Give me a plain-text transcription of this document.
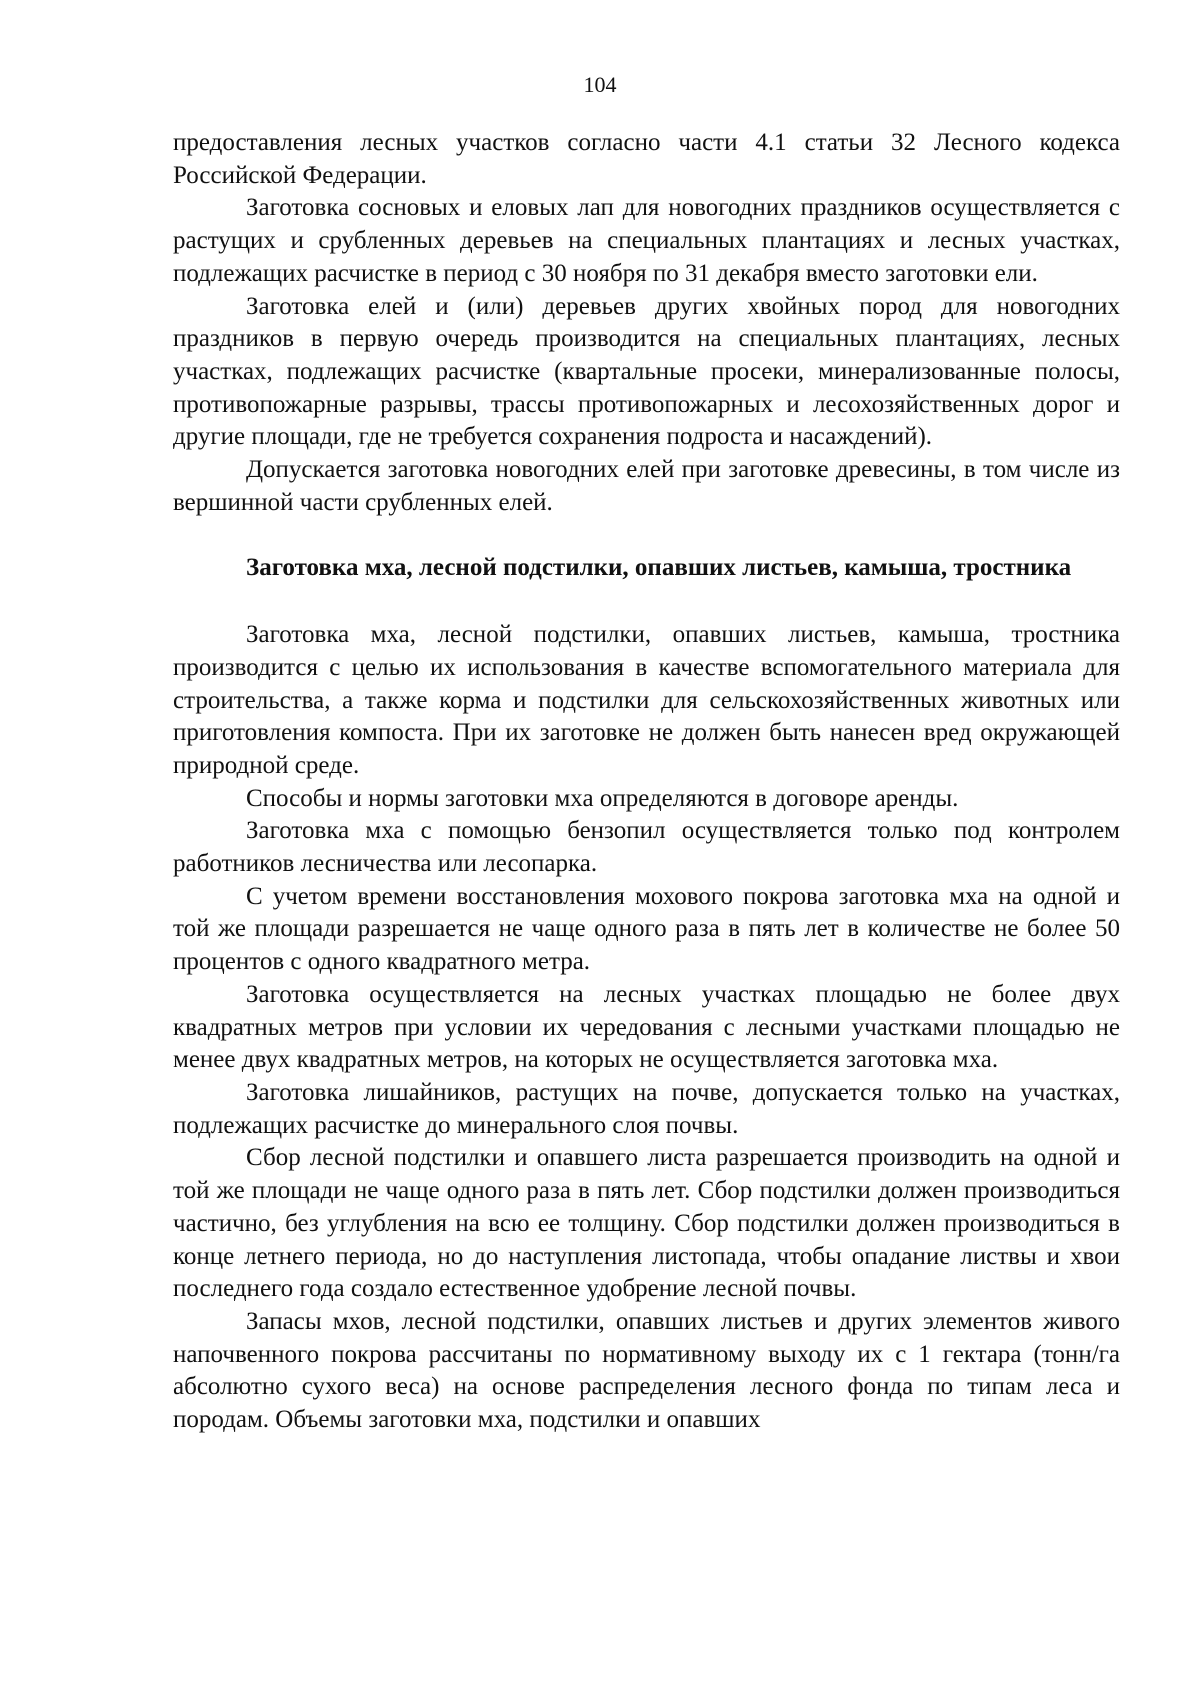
104

предоставления лесных участков согласно части 4.1 статьи 32 Лесного кодекса Российской Федерации.

Заготовка сосновых и еловых лап для новогодних праздников осуществляется с растущих и срубленных деревьев на специальных плантациях и лесных участках, подлежащих расчистке в период с 30 ноября по 31 декабря вместо заготовки ели.

Заготовка елей и (или) деревьев других хвойных пород для новогодних праздников в первую очередь производится на специальных плантациях, лесных участках, подлежащих расчистке (квартальные просеки, минерализованные полосы, противопожарные разрывы, трассы противопожарных и лесохозяйственных дорог и другие площади, где не требуется сохранения подроста и насаждений).

Допускается заготовка новогодних елей при заготовке древесины, в том числе из вершинной части срубленных елей.

Заготовка мха, лесной подстилки, опавших листьев, камыша, тростника

Заготовка мха, лесной подстилки, опавших листьев, камыша, тростника производится с целью их использования в качестве вспомогательного материала для строительства, а также корма и подстилки для сельскохозяйственных животных или приготовления компоста. При их заготовке не должен быть нанесен вред окружающей природной среде.

Способы и нормы заготовки мха определяются в договоре аренды.

Заготовка мха с помощью бензопил осуществляется только под контролем работников лесничества или лесопарка.

С учетом времени восстановления мохового покрова заготовка мха на одной и той же площади разрешается не чаще одного раза в пять лет в количестве не более 50 процентов с одного квадратного метра.

Заготовка осуществляется на лесных участках площадью не более двух квадратных метров при условии их чередования с лесными участками площадью не менее двух квадратных метров, на которых не осуществляется заготовка мха.

Заготовка лишайников, растущих на почве, допускается только на участках, подлежащих расчистке до минерального слоя почвы.

Сбор лесной подстилки и опавшего листа разрешается производить на одной и той же площади не чаще одного раза в пять лет. Сбор подстилки должен производиться частично, без углубления на всю ее толщину. Сбор подстилки должен производиться в конце летнего периода, но до наступления листопада, чтобы опадание листвы и хвои последнего года создало естественное удобрение лесной почвы.

Запасы мхов, лесной подстилки, опавших листьев и других элементов живого напочвенного покрова рассчитаны по нормативному выходу их с 1 гектара (тонн/га абсолютно сухого веса) на основе распределения лесного фонда по типам леса и породам. Объемы заготовки мха, подстилки и опавших
